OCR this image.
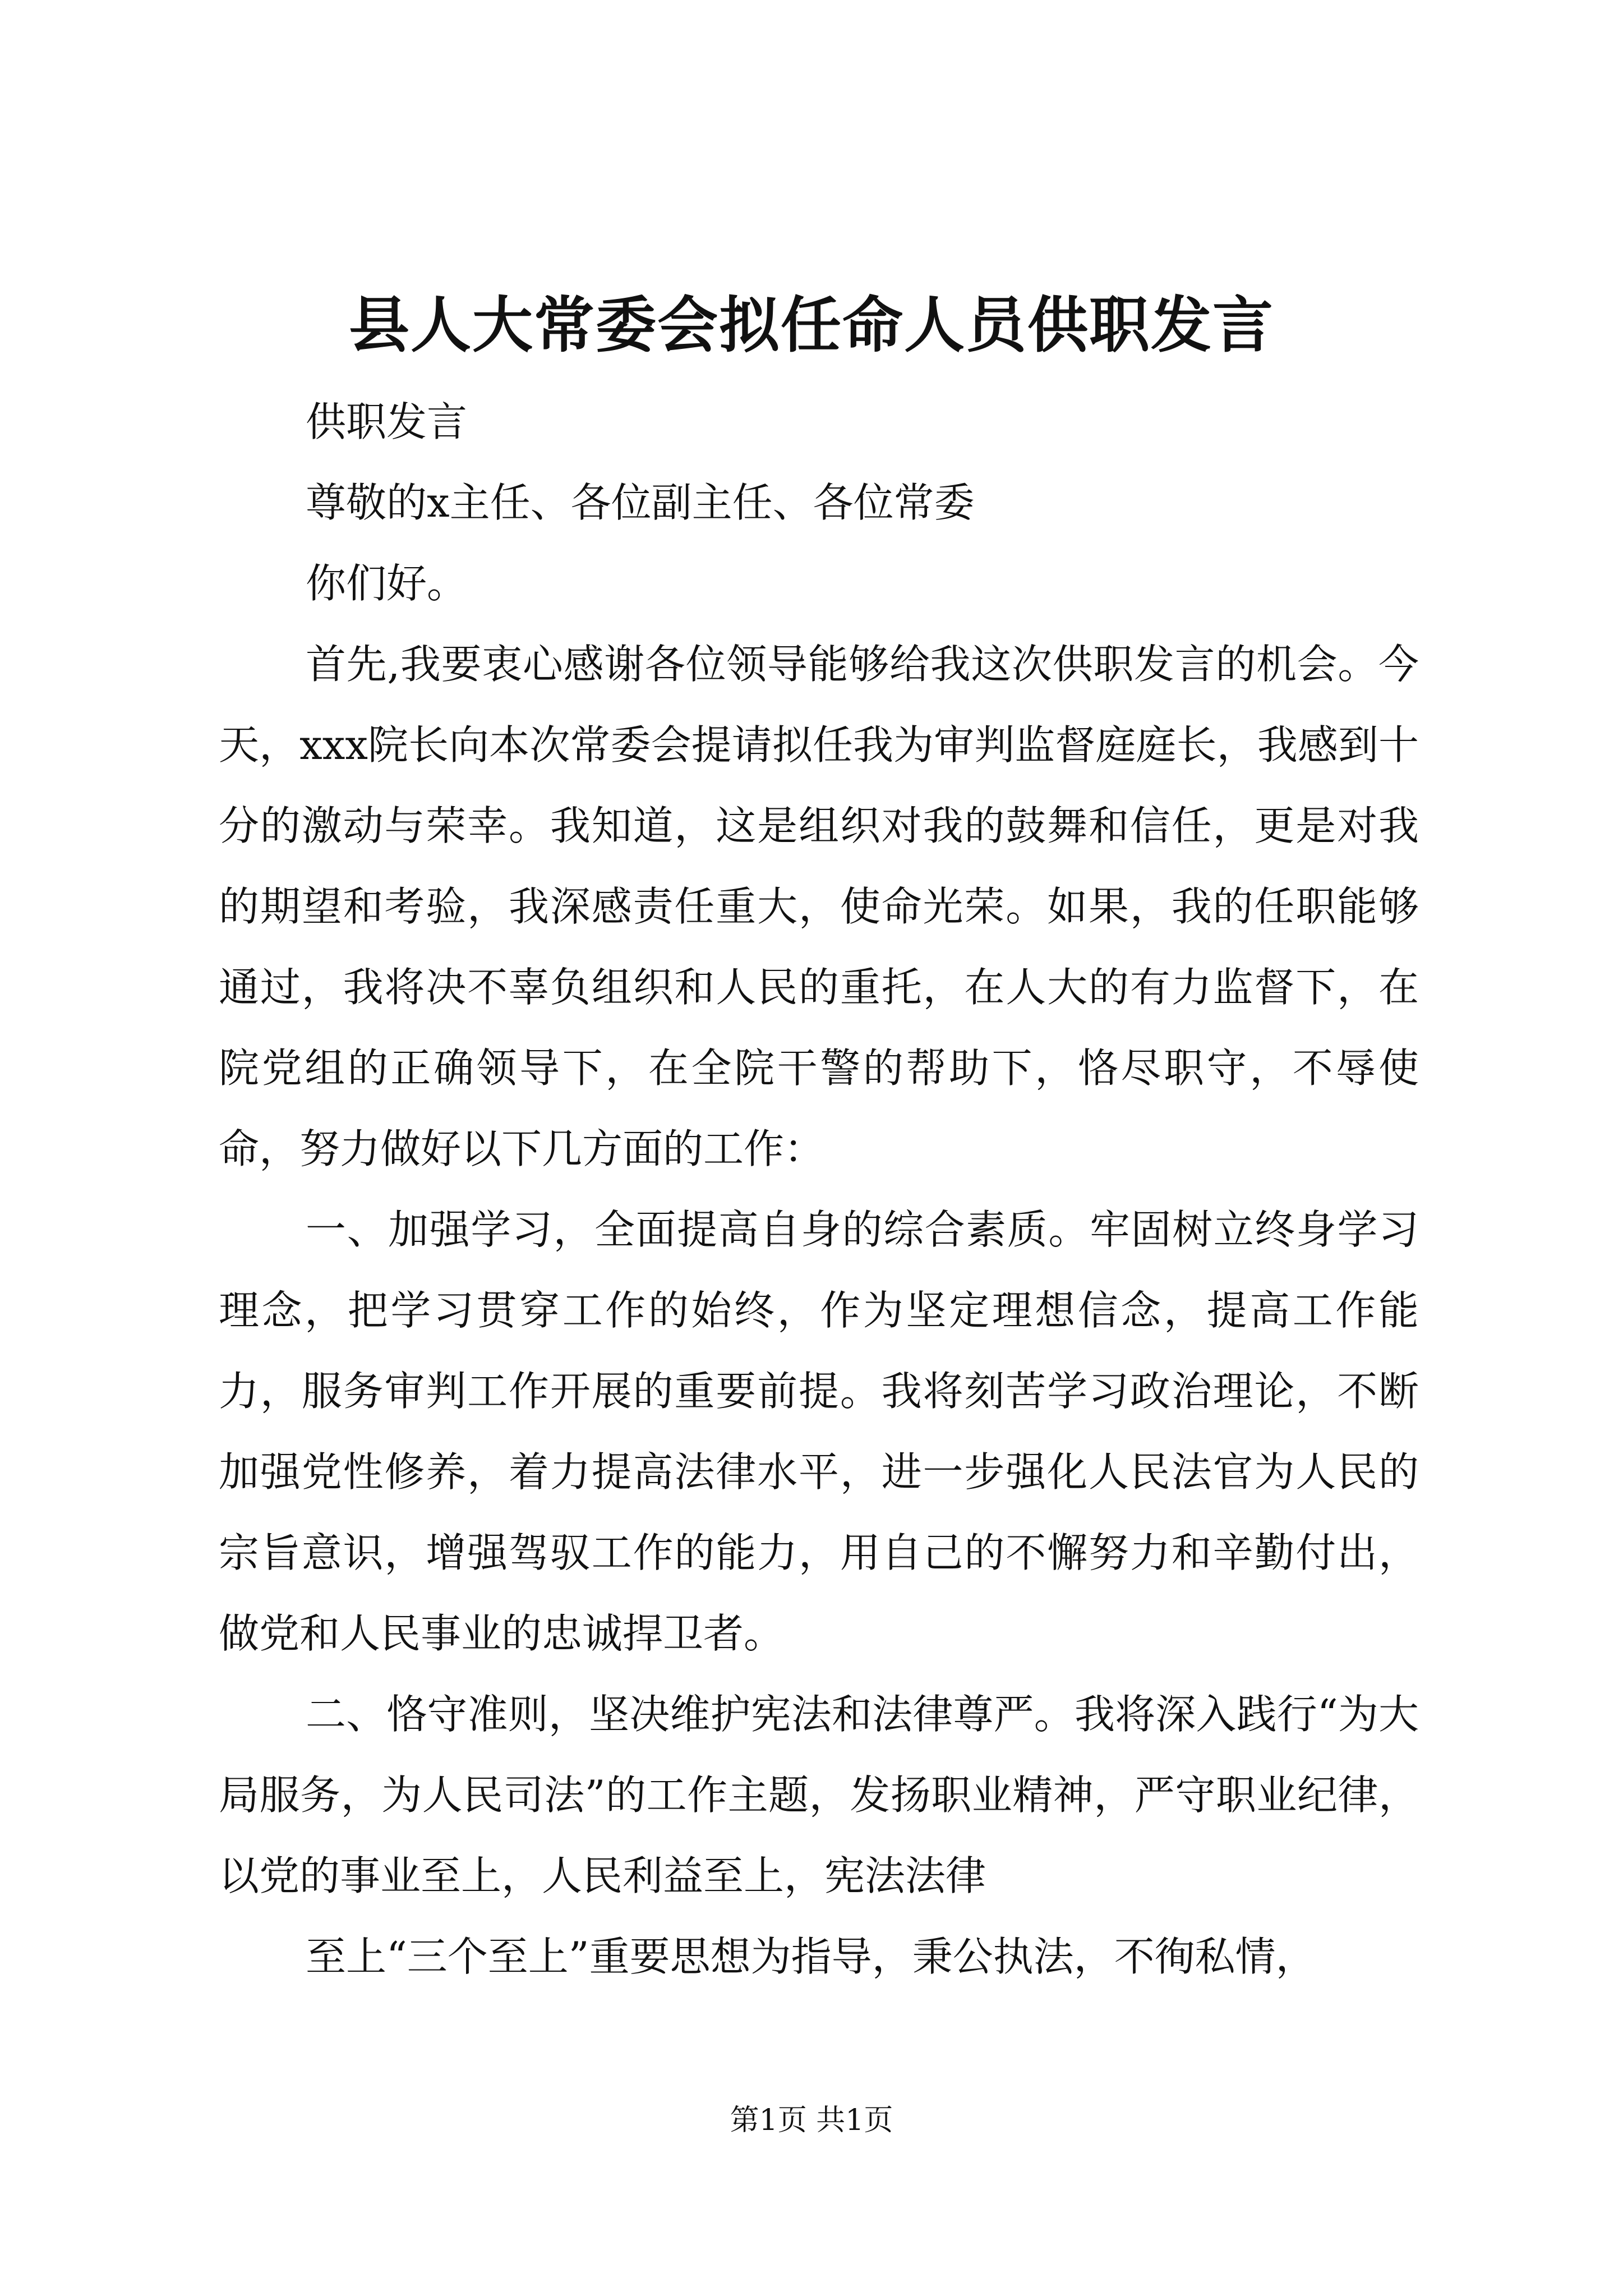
县人大常委会拟任命人员供职发言

供职发言

尊敬的x主任、各位副主任、各位常委

你们好。

首先,我要衷心感谢各位领导能够给我这次供职发言的机会。今天，xxx院长向本次常委会提请拟任我为审判监督庭庭长，我感到十分的激动与荣幸。我知道，这是组织对我的鼓舞和信任，更是对我的期望和考验，我深感责任重大，使命光荣。如果，我的任职能够通过，我将决不辜负组织和人民的重托，在人大的有力监督下，在院党组的正确领导下，在全院干警的帮助下，恪尽职守，不辱使命，努力做好以下几方面的工作：

一、加强学习，全面提高自身的综合素质。牢固树立终身学习理念，把学习贯穿工作的始终，作为坚定理想信念，提高工作能力，服务审判工作开展的重要前提。我将刻苦学习政治理论，不断加强党性修养，着力提高法律水平，进一步强化人民法官为人民的宗旨意识，增强驾驭工作的能力，用自己的不懈努力和辛勤付出，做党和人民事业的忠诚捍卫者。

二、恪守准则，坚决维护宪法和法律尊严。我将深入践行“为大局服务，为人民司法”的工作主题，发扬职业精神，严守职业纪律，以党的事业至上，人民利益至上，宪法法律

至上“三个至上”重要思想为指导，秉公执法，不徇私情，

第1页 共1页
